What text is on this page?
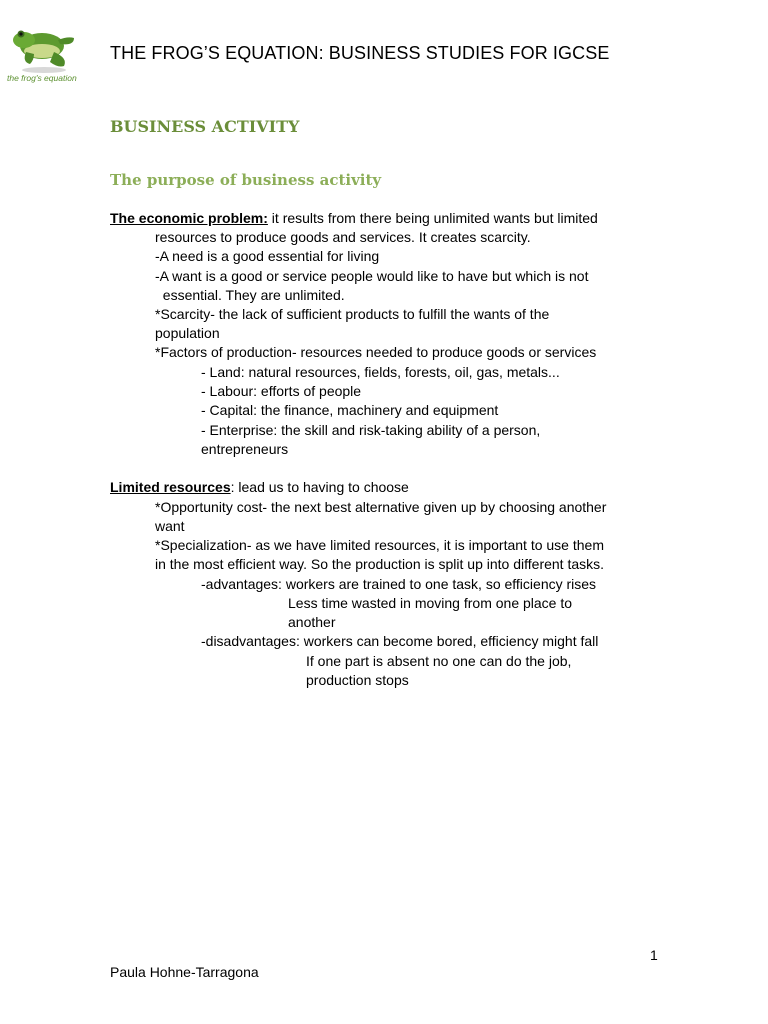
the frog's equation
THE FROG’S EQUATION: BUSINESS STUDIES FOR IGCSE
BUSINESS ACTIVITY
The purpose of business activity
The economic problem: it results from there being unlimited wants but limited
resources to produce goods and services. It creates scarcity.
-A need is a good essential for living
-A want is a good or service people would like to have but which is not
essential. They are unlimited.
*Scarcity- the lack of sufficient products to fulfill the wants of the
population
*Factors of production- resources needed to produce goods or services
- Land: natural resources, fields, forests, oil, gas, metals...
- Labour: efforts of people
- Capital: the finance, machinery and equipment
- Enterprise: the skill and risk-taking ability of a person,
entrepreneurs
Limited resources: lead us to having to choose
*Opportunity cost- the next best alternative given up by choosing another
want
*Specialization- as we have limited resources, it is important to use them
in the most efficient way. So the production is split up into different tasks.
-advantages: workers are trained to one task, so efficiency rises
Less time wasted in moving from one place to
another
-disadvantages: workers can become bored, efficiency might fall
If one part is absent no one can do the job,
production stops
1
Paula Hohne-Tarragona
